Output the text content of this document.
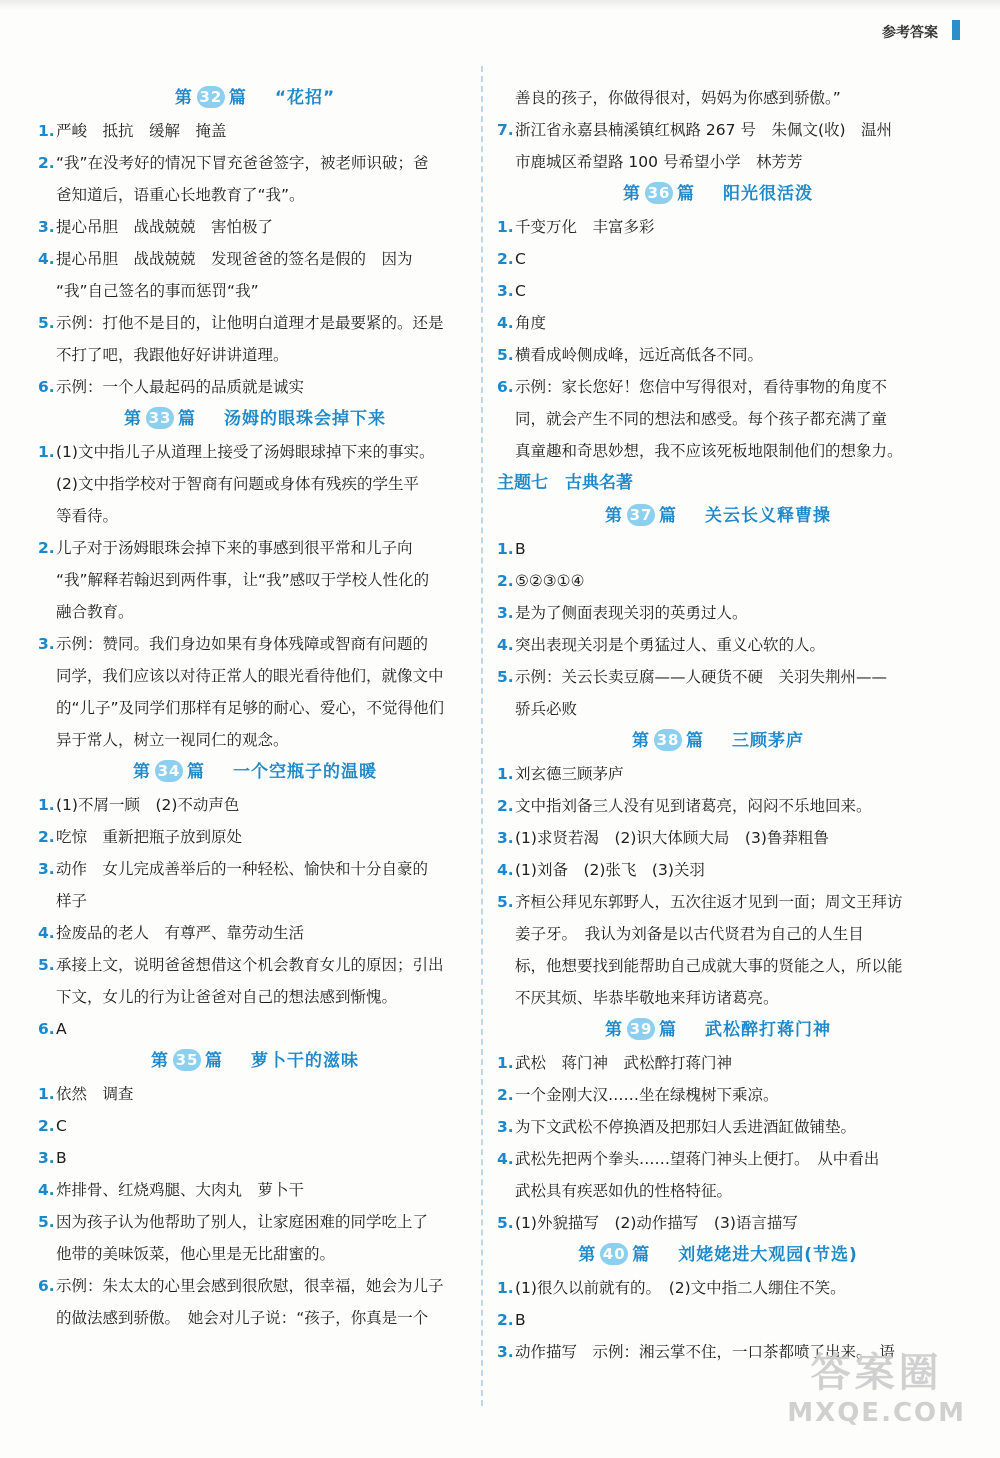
参考答案
第 32 篇 “花招”
1.严峻　抵抗　缓解　掩盖
2.“我”在没考好的情况下冒充爸爸签字，被老师识破；爸
爸知道后，语重心长地教育了“我”。
3.提心吊胆　战战兢兢　害怕极了
4.提心吊胆　战战兢兢　发现爸爸的签名是假的　因为
“我”自己签名的事而惩罚“我”
5.示例：打他不是目的，让他明白道理才是最要紧的。还是
不打了吧，我跟他好好讲讲道理。
6.示例：一个人最起码的品质就是诚实
第 33 篇 汤姆的眼珠会掉下来
1.(1)文中指儿子从道理上接受了汤姆眼球掉下来的事实。
(2)文中指学校对于智商有问题或身体有残疾的学生平
等看待。
2.儿子对于汤姆眼珠会掉下来的事感到很平常和儿子向
“我”解释若翰迟到两件事，让“我”感叹于学校人性化的
融合教育。
3.示例：赞同。我们身边如果有身体残障或智商有问题的
同学，我们应该以对待正常人的眼光看待他们，就像文中
的“儿子”及同学们那样有足够的耐心、爱心，不觉得他们
异于常人，树立一视同仁的观念。
第 34 篇 一个空瓶子的温暖
1.(1)不屑一顾　(2)不动声色
2.吃惊　重新把瓶子放到原处
3.动作　女儿完成善举后的一种轻松、愉快和十分自豪的
样子
4.捡废品的老人　有尊严、靠劳动生活
5.承接上文，说明爸爸想借这个机会教育女儿的原因；引出
下文，女儿的行为让爸爸对自己的想法感到惭愧。
6.A
第 35 篇 萝卜干的滋味
1.依然　调查
2.C
3.B
4.炸排骨、红烧鸡腿、大肉丸　萝卜干
5.因为孩子认为他帮助了别人，让家庭困难的同学吃上了
他带的美味饭菜，他心里是无比甜蜜的。
6.示例：朱太太的心里会感到很欣慰，很幸福，她会为儿子
的做法感到骄傲。　她会对儿子说：“孩子，你真是一个
善良的孩子，你做得很对，妈妈为你感到骄傲。”
7.浙江省永嘉县楠溪镇红枫路 267 号　朱佩文(收)　温州
市鹿城区希望路 100 号希望小学　林芳芳
第 36 篇 阳光很活泼
1.千变万化　丰富多彩
2.C
3.C
4.角度
5.横看成岭侧成峰，远近高低各不同。
6.示例：家长您好！您信中写得很对，看待事物的角度不
同，就会产生不同的想法和感受。每个孩子都充满了童
真童趣和奇思妙想，我不应该死板地限制他们的想象力。
主题七　古典名著
第 37 篇 关云长义释曹操
1.B
2.⑤②③①④
3.是为了侧面表现关羽的英勇过人。
4.突出表现关羽是个勇猛过人、重义心软的人。
5.示例：关云长卖豆腐——人硬货不硬　关羽失荆州——
骄兵必败
第 38 篇 三顾茅庐
1.刘玄德三顾茅庐
2.文中指刘备三人没有见到诸葛亮，闷闷不乐地回来。
3.(1)求贤若渴　(2)识大体顾大局　(3)鲁莽粗鲁
4.(1)刘备　(2)张飞　(3)关羽
5.齐桓公拜见东郭野人，五次往返才见到一面；周文王拜访
姜子牙。　我认为刘备是以古代贤君为自己的人生目
标，他想要找到能帮助自己成就大事的贤能之人，所以能
不厌其烦、毕恭毕敬地来拜访诸葛亮。
第 39 篇 武松醉打蒋门神
1.武松　蒋门神　武松醉打蒋门神
2.一个金刚大汉……坐在绿槐树下乘凉。
3.为下文武松不停换酒及把那妇人丢进酒缸做铺垫。
4.武松先把两个拳头……望蒋门神头上便打。　从中看出
武松具有疾恶如仇的性格特征。
5.(1)外貌描写　(2)动作描写　(3)语言描写
第 40 篇 刘姥姥进大观园(节选)
1.(1)很久以前就有的。　(2)文中指二人绷住不笑。
2.B
3.动作描写　示例：湘云掌不住，一口茶都喷了出来。　语
答案圈
MXQE.COM
